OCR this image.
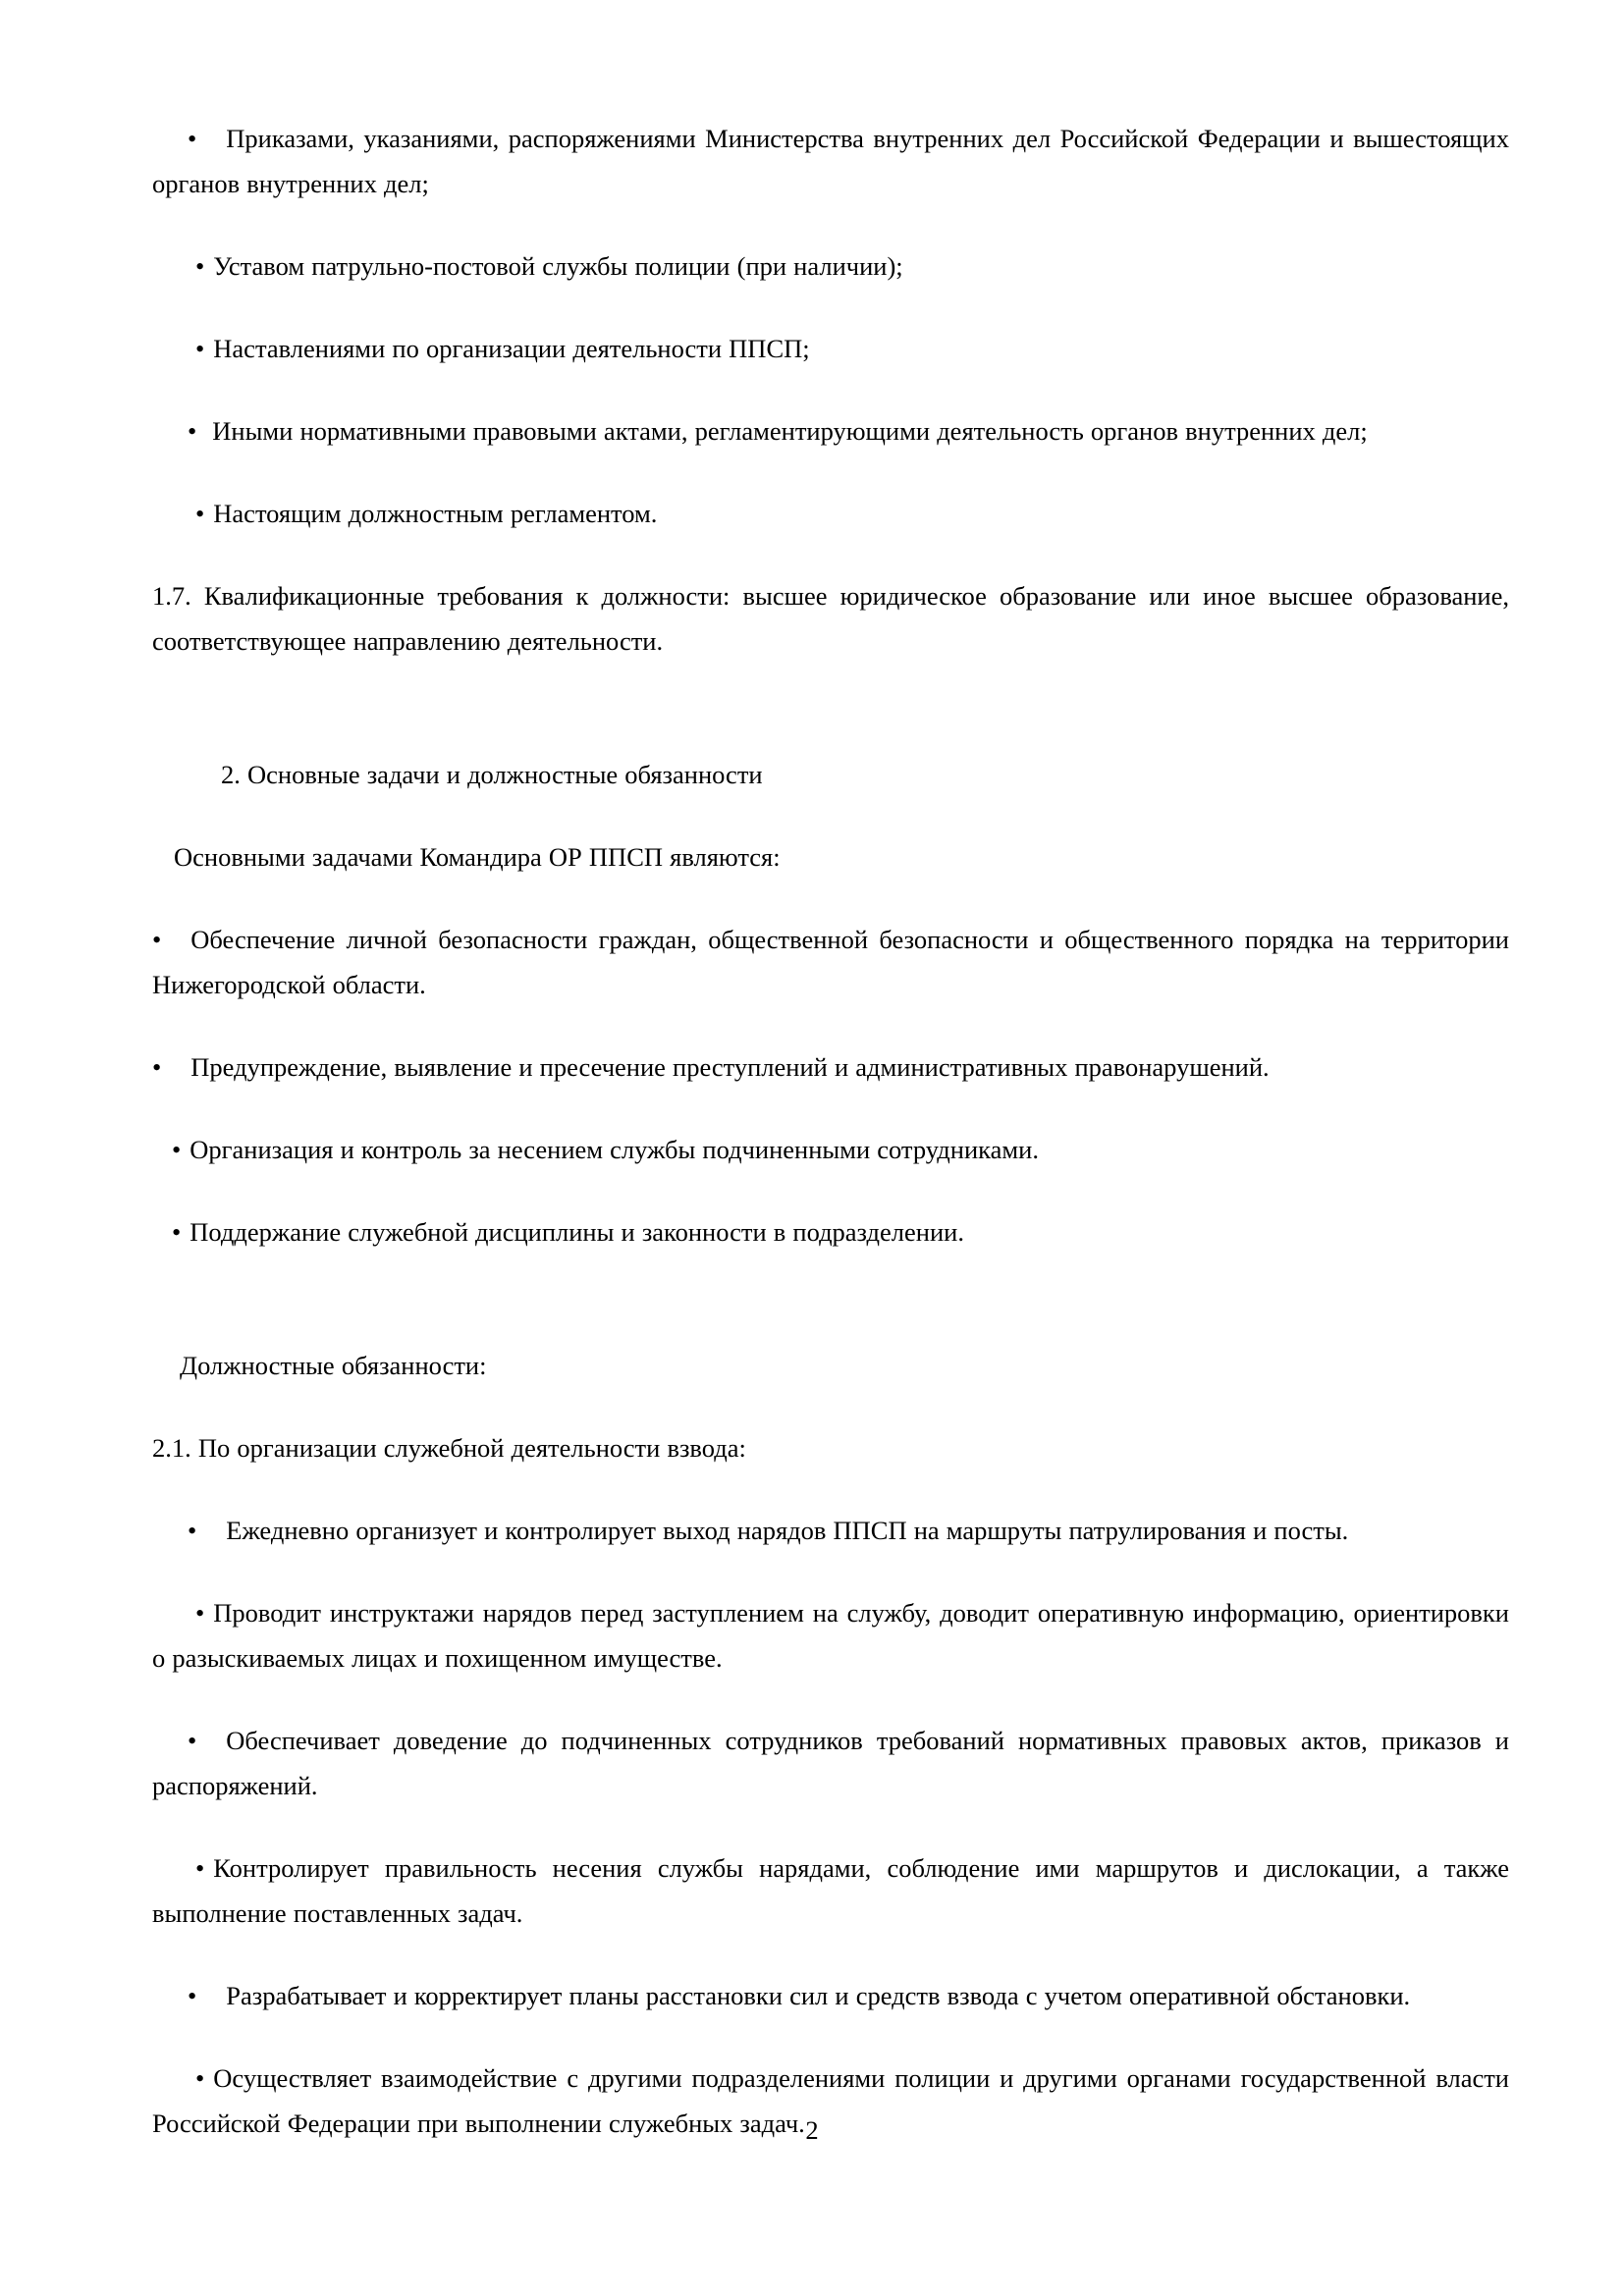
• Приказами, указаниями, распоряжениями Министерства внутренних дел Российской Федерации и вышестоящих органов внутренних дел;

• Уставом патрульно-постовой службы полиции (при наличии);

• Наставлениями по организации деятельности ППСП;

• Иными нормативными правовыми актами, регламентирующими деятельность органов внутренних дел;

• Настоящим должностным регламентом.

1.7. Квалификационные требования к должности: высшее юридическое образование или иное высшее образование, соответствующее направлению деятельности.

2. Основные задачи и должностные обязанности

Основными задачами Командира ОР ППСП являются:

• Обеспечение личной безопасности граждан, общественной безопасности и общественного порядка на территории Нижегородской области.

• Предупреждение, выявление и пресечение преступлений и административных правонарушений.

• Организация и контроль за несением службы подчиненными сотрудниками.

• Поддержание служебной дисциплины и законности в подразделении.

Должностные обязанности:

2.1. По организации служебной деятельности взвода:

• Ежедневно организует и контролирует выход нарядов ППСП на маршруты патрулирования и посты.

• Проводит инструктажи нарядов перед заступлением на службу, доводит оперативную информацию, ориентировки о разыскиваемых лицах и похищенном имуществе.

• Обеспечивает доведение до подчиненных сотрудников требований нормативных правовых актов, приказов и распоряжений.

• Контролирует правильность несения службы нарядами, соблюдение ими маршрутов и дислокации, а также выполнение поставленных задач.

• Разрабатывает и корректирует планы расстановки сил и средств взвода с учетом оперативной обстановки.

• Осуществляет взаимодействие с другими подразделениями полиции и другими органами государственной власти Российской Федерации при выполнении служебных задач. 2
